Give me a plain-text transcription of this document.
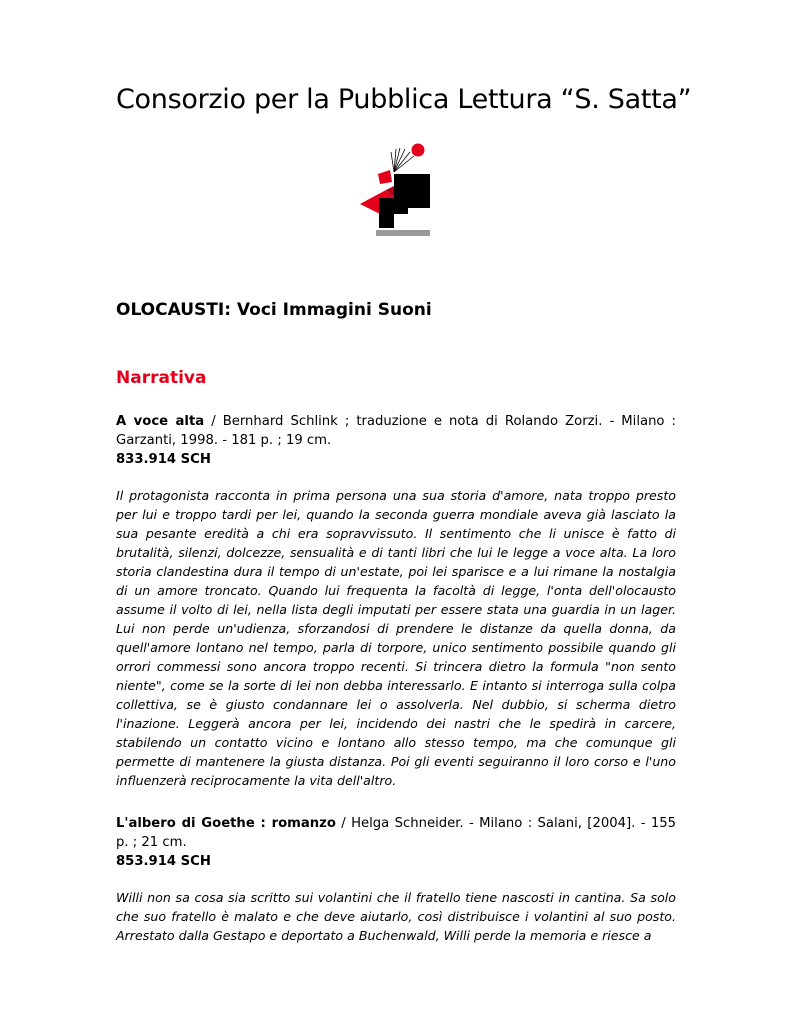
Consorzio per la Pubblica Lettura “S. Satta”
OLOCAUSTI: Voci Immagini Suoni
Narrativa

A voce alta / Bernhard Schlink ; traduzione e nota di Rolando Zorzi. - Milano : Garzanti, 1998. - 181 p. ; 19 cm.

833.914 SCH

Il protagonista racconta in prima persona una sua storia d'amore, nata troppo presto per lui e troppo tardi per lei, quando la seconda guerra mondiale aveva già lasciato la sua pesante eredità a chi era sopravvissuto. Il sentimento che li unisce è fatto di brutalità, silenzi, dolcezze, sensualità e di tanti libri che lui le legge a voce alta. La loro storia clandestina dura il tempo di un'estate, poi lei sparisce e a lui rimane la nostalgia di un amore troncato. Quando lui frequenta la facoltà di legge, l'onta dell'olocausto assume il volto di lei, nella lista degli imputati per essere stata una guardia in un lager. Lui non perde un'udienza, sforzandosi di prendere le distanze da quella donna, da quell'amore lontano nel tempo, parla di torpore, unico sentimento possibile quando gli orrori commessi sono ancora troppo recenti. Si trincera dietro la formula "non sento niente", come se la sorte di lei non debba interessarlo. E intanto si interroga sulla colpa collettiva, se è giusto condannare lei o assolverla. Nel dubbio, si scherma dietro l'inazione. Leggerà ancora per lei, incidendo dei nastri che le spedirà in carcere, stabilendo un contatto vicino e lontano allo stesso tempo, ma che comunque gli permette di mantenere la giusta distanza. Poi gli eventi seguiranno il loro corso e l'uno influenzerà reciprocamente la vita dell'altro.

L'albero di Goethe : romanzo / Helga Schneider. - Milano : Salani, [2004]. - 155 p. ; 21 cm.

853.914 SCH

Willi non sa cosa sia scritto sui volantini che il fratello tiene nascosti in cantina. Sa solo che suo fratello è malato e che deve aiutarlo, così distribuisce i volantini al suo posto. Arrestato dalla Gestapo e deportato a Buchenwald, Willi perde la memoria e riesce a
